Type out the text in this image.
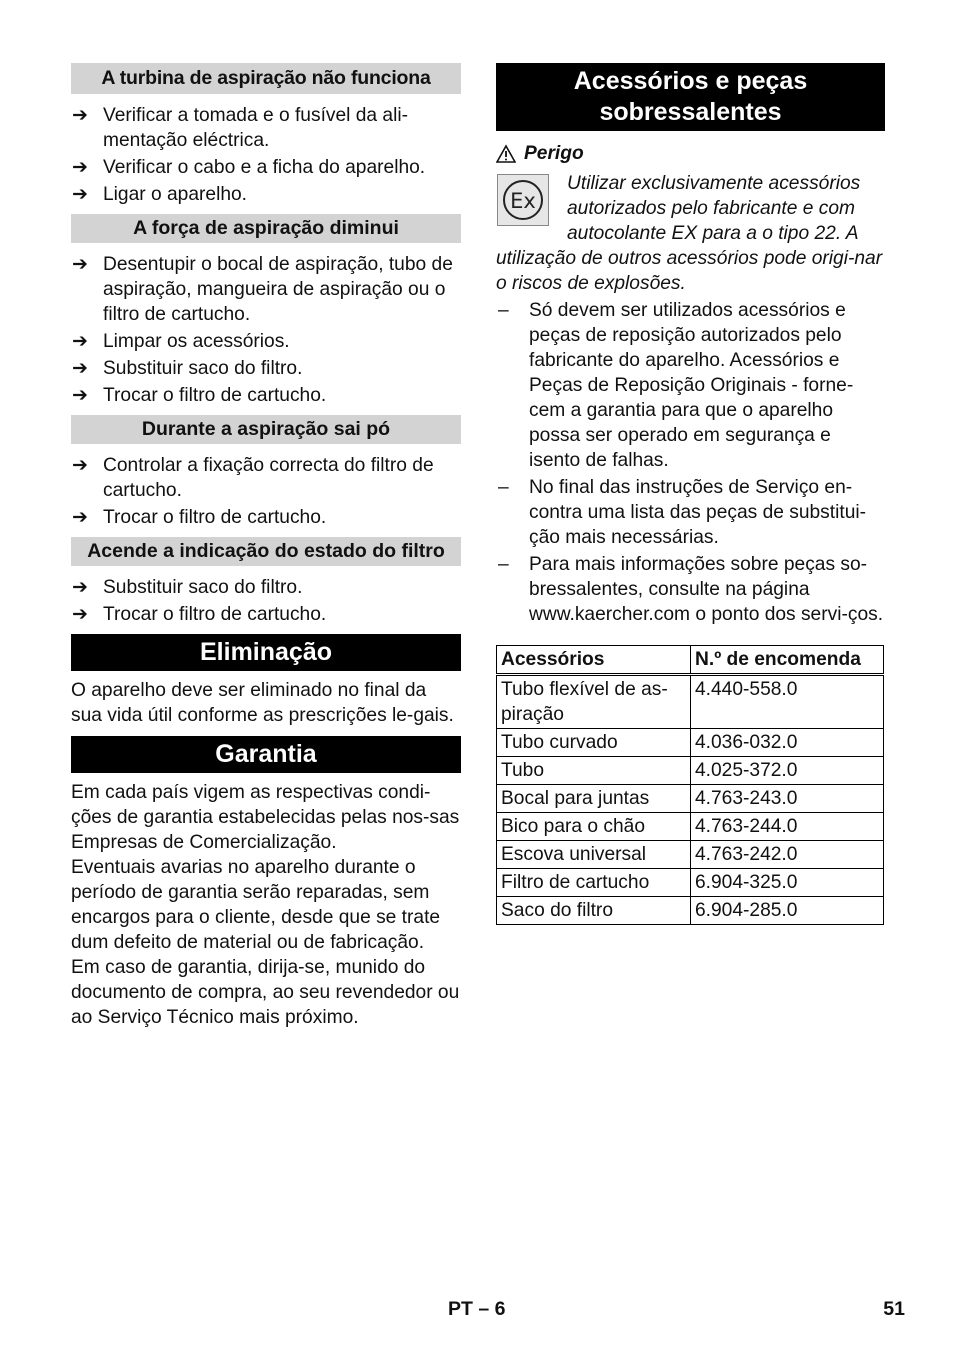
A turbina de aspiração não funciona
➔ Verificar a tomada e o fusível da ali-mentação eléctrica.
➔ Verificar o cabo e a ficha do aparelho.
➔ Ligar o aparelho.
A força de aspiração diminui
➔ Desentupir o bocal de aspiração, tubo de aspiração, mangueira de aspiração ou o filtro de cartucho.
➔ Limpar os acessórios.
➔ Substituir saco do filtro.
➔ Trocar o filtro de cartucho.
Durante a aspiração sai pó
➔ Controlar a fixação correcta do filtro de cartucho.
➔ Trocar o filtro de cartucho.
Acende a indicação do estado do filtro
➔ Substituir saco do filtro.
➔ Trocar o filtro de cartucho.
Eliminação

O aparelho deve ser eliminado no final da sua vida útil conforme as prescrições le-gais.

Garantia

Em cada país vigem as respectivas condi-ções de garantia estabelecidas pelas nos-sas Empresas de Comercialização.

Eventuais avarias no aparelho durante o período de garantia serão reparadas, sem encargos para o cliente, desde que se trate dum defeito de material ou de fabricação.

Em caso de garantia, dirija-se, munido do documento de compra, ao seu revendedor ou ao Serviço Técnico mais próximo.

Acessórios e peças sobressalentes
Perigo
Ex
Utilizar exclusivamente acessórios autorizados pelo fabricante e com autocolante EX para a o tipo 22. A utilização de outros acessórios pode origi-nar o riscos de explosões.
– Só devem ser utilizados acessórios e peças de reposição autorizados pelo fabricante do aparelho. Acessórios e Peças de Reposição Originais - forne-cem a garantia para que o aparelho possa ser operado em segurança e isento de falhas.
– No final das instruções de Serviço en-contra uma lista das peças de substitui-ção mais necessárias.
– Para mais informações sobre peças so-bressalentes, consulte na página www.kaercher.com o ponto dos servi-ços.
Acessórios	N.º de encomenda
Tubo flexível de as-piração	4.440-558.0
Tubo curvado	4.036-032.0
Tubo	4.025-372.0
Bocal para juntas	4.763-243.0
Bico para o chão	4.763-244.0
Escova universal	4.763-242.0
Filtro de cartucho	6.904-325.0
Saco do filtro	6.904-285.0
PT – 6	51
